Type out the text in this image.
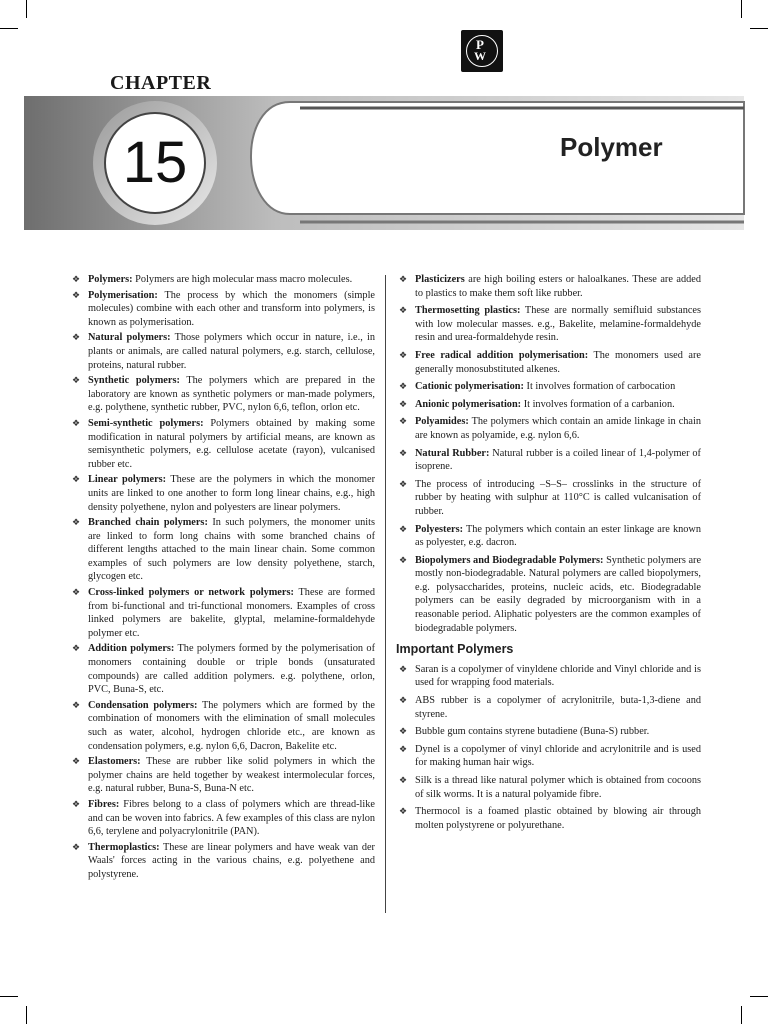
P
W
CHAPTER
15	Polymer
❖ Polymers: Polymers are high molecular mass macro molecules.
❖ Polymerisation: The process by which the monomers (simple molecules) combine with each other and transform into polymers, is known as polymerisation.
❖ Natural polymers: Those polymers which occur in nature, i.e., in plants or animals, are called natural polymers, e.g. starch, cellulose, proteins, natural rubber.
❖ Synthetic polymers: The polymers which are prepared in the laboratory are known as synthetic polymers or man-made polymers, e.g. polythene, synthetic rubber, PVC, nylon 6,6, teflon, orlon etc.
❖ Semi-synthetic polymers: Polymers obtained by making some modification in natural polymers by artificial means, are known as semisynthetic polymers, e.g. cellulose acetate (rayon), vulcanised rubber etc.
❖ Linear polymers: These are the polymers in which the monomer units are linked to one another to form long linear chains, e.g., high density polyethene, nylon and polyesters are linear polymers.
❖ Branched chain polymers: In such polymers, the monomer units are linked to form long chains with some branched chains of different lengths attached to the main linear chain. Some common examples of such polymers are low density polyethene, starch, glycogen etc.
❖ Cross-linked polymers or network polymers: These are formed from bi-functional and tri-functional monomers. Examples of cross linked polymers are bakelite, glyptal, melamine-formaldehyde polymer etc.
❖ Addition polymers: The polymers formed by the polymerisation of monomers containing double or triple bonds (unsaturated compounds) are called addition polymers. e.g. polythene, orlon, PVC, Buna-S, etc.
❖ Condensation polymers: The polymers which are formed by the combination of monomers with the elimination of small molecules such as water, alcohol, hydrogen chloride etc., are known as condensation polymers, e.g. nylon 6,6, Dacron, Bakelite etc.
❖ Elastomers: These are rubber like solid polymers in which the polymer chains are held together by weakest intermolecular forces, e.g. natural rubber, Buna-S, Buna-N etc.
❖ Fibres: Fibres belong to a class of polymers which are thread-like and can be woven into fabrics. A few examples of this class are nylon 6,6, terylene and polyacrylonitrile (PAN).
❖ Thermoplastics: These are linear polymers and have weak van der Waals' forces acting in the various chains, e.g. polyethene and polystyrene.
❖ Plasticizers are high boiling esters or haloalkanes. These are added to plastics to make them soft like rubber.
❖ Thermosetting plastics: These are normally semifluid substances with low molecular masses. e.g., Bakelite, melamine-formaldehyde resin and urea-formaldehyde resin.
❖ Free radical addition polymerisation: The monomers used are generally monosubstituted alkenes.
❖ Cationic polymerisation: It involves formation of carbocation
❖ Anionic polymerisation: It involves formation of a carbanion.
❖ Polyamides: The polymers which contain an amide linkage in chain are known as polyamide, e.g. nylon 6,6.
❖ Natural Rubber: Natural rubber is a coiled linear of 1,4-polymer of isoprene.
❖ The process of introducing –S–S– crosslinks in the structure of rubber by heating with sulphur at 110°C is called vulcanisation of rubber.
❖ Polyesters: The polymers which contain an ester linkage are known as polyester, e.g. dacron.
❖ Biopolymers and Biodegradable Polymers: Synthetic polymers are mostly non-biodegradable. Natural polymers are called biopolymers, e.g. polysaccharides, proteins, nucleic acids, etc. Biodegradable polymers can be easily degraded by microorganism with in a reasonable period. Aliphatic polyesters are the common examples of biodegradable polymers.
Important Polymers
❖ Saran is a copolymer of vinyldene chloride and Vinyl chloride and is used for wrapping food materials.
❖ ABS rubber is a copolymer of acrylonitrile, buta-1,3-diene and styrene.
❖ Bubble gum contains styrene butadiene (Buna-S) rubber.
❖ Dynel is a copolymer of vinyl chloride and acrylonitrile and is used for making human hair wigs.
❖ Silk is a thread like natural polymer which is obtained from cocoons of silk worms. It is a natural polyamide fibre.
❖ Thermocol is a foamed plastic obtained by blowing air through molten polystyrene or polyurethane.
